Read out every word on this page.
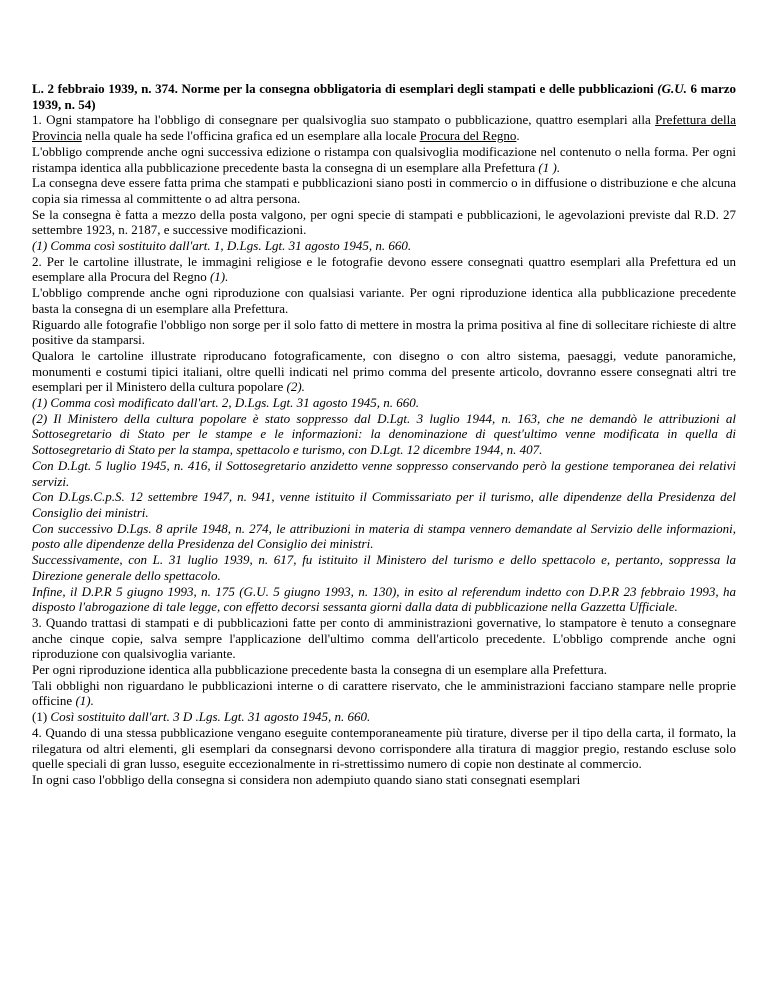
L. 2 febbraio 1939, n. 374. Norme per la consegna obbligatoria di esemplari degli stampati e delle pubblicazioni (G.U. 6 marzo 1939, n. 54)

1. Ogni stampatore ha l'obbligo di consegnare per qualsivoglia suo stampato o pubblicazione, quattro esemplari alla Prefettura della Provincia nella quale ha sede l'officina grafica ed un esemplare alla locale Procura del Regno.

L'obbligo comprende anche ogni successiva edizione o ristampa con qualsivoglia modificazione nel contenuto o nella forma. Per ogni ristampa identica alla pubblicazione precedente basta la consegna di un esemplare alla Prefettura (1 ).

La consegna deve essere fatta prima che stampati e pubblicazioni siano posti in commercio o in diffusione o distribuzione e che alcuna copia sia rimessa al committente o ad altra persona.

Se la consegna è fatta a mezzo della posta valgono, per ogni specie di stampati e pubblicazioni, le agevolazioni previste dal R.D. 27 settembre 1923, n. 2187, e successive modificazioni.

(1) Comma così sostituito dall'art. 1, D.Lgs. Lgt. 31 agosto 1945, n. 660.

2. Per le cartoline illustrate, le immagini religiose e le fotografie devono essere consegnati quattro esemplari alla Prefettura ed un esemplare alla Procura del Regno (1).

L'obbligo comprende anche ogni riproduzione con qualsiasi variante. Per ogni riproduzione identica alla pubblicazione precedente basta la consegna di un esemplare alla Prefettura.

Riguardo alle fotografie l'obbligo non sorge per il solo fatto di mettere in mostra la prima positiva al fine di sollecitare richieste di altre positive da stamparsi.

Qualora le cartoline illustrate riproducano fotograficamente, con disegno o con altro sistema, paesaggi, vedute panoramiche, monumenti e costumi tipici italiani, oltre quelli indicati nel primo comma del presente articolo, dovranno essere consegnati altri tre esemplari per il Ministero della cultura popolare (2).

(1) Comma così modificato dall'art. 2, D.Lgs. Lgt. 31 agosto 1945, n. 660.

(2) Il Ministero della cultura popolare è stato soppresso dal D.Lgt. 3 luglio 1944, n. 163, che ne demandò le attribuzioni al Sottosegretario di Stato per le stampe e le informazioni: la denominazione di quest'ultimo venne modificata in quella di Sottosegretario di Stato per la stampa, spettacolo e turismo, con D.Lgt. 12 dicembre 1944, n. 407.

Con D.Lgt. 5 luglio 1945, n. 416, il Sottosegretario anzidetto venne soppresso conservando però la gestione temporanea dei relativi servizi.

Con D.Lgs.C.p.S. 12 settembre 1947, n. 941, venne istituito il Commissariato per il turismo, alle dipendenze della Presidenza del Consiglio dei ministri.

Con successivo D.Lgs. 8 aprile 1948, n. 274, le attribuzioni in materia di stampa vennero demandate al Servizio delle informazioni, posto alle dipendenze della Presidenza del Consiglio dei ministri.

Successivamente, con L. 31 luglio 1939, n. 617, fu istituito il Ministero del turismo e dello spettacolo e, pertanto, soppressa la Direzione generale dello spettacolo.

Infine, il D.P.R 5 giugno 1993, n. 175 (G.U. 5 giugno 1993, n. 130), in esito al referendum indetto con D.P.R 23 febbraio 1993, ha disposto l'abrogazione di tale legge, con effetto decorsi sessanta giorni dalla data di pubblicazione nella Gazzetta Ufficiale.

3. Quando trattasi di stampati e di pubblicazioni fatte per conto di amministrazioni governative, lo stampatore è tenuto a consegnare anche cinque copie, salva sempre l'applicazione dell'ultimo comma dell'articolo precedente. L'obbligo comprende anche ogni riproduzione con qualsivoglia variante.

Per ogni riproduzione identica alla pubblicazione precedente basta la consegna di un esemplare alla Prefettura.

Tali obblighi non riguardano le pubblicazioni interne o di carattere riservato, che le amministrazioni facciano stampare nelle proprie officine (1).

(1) Così sostituito dall'art. 3 D .Lgs. Lgt. 31 agosto 1945, n. 660.

4. Quando di una stessa pubblicazione vengano eseguite contemporaneamente più tirature, diverse per il tipo della carta, il formato, la rilegatura od altri elementi, gli esemplari da consegnarsi devono corrispondere alla tiratura di maggior pregio, restando escluse solo quelle speciali di gran lusso, eseguite eccezionalmente in ri-strettissimo numero di copie non destinate al commercio.

In ogni caso l'obbligo della consegna si considera non adempiuto quando siano stati consegnati esemplari
